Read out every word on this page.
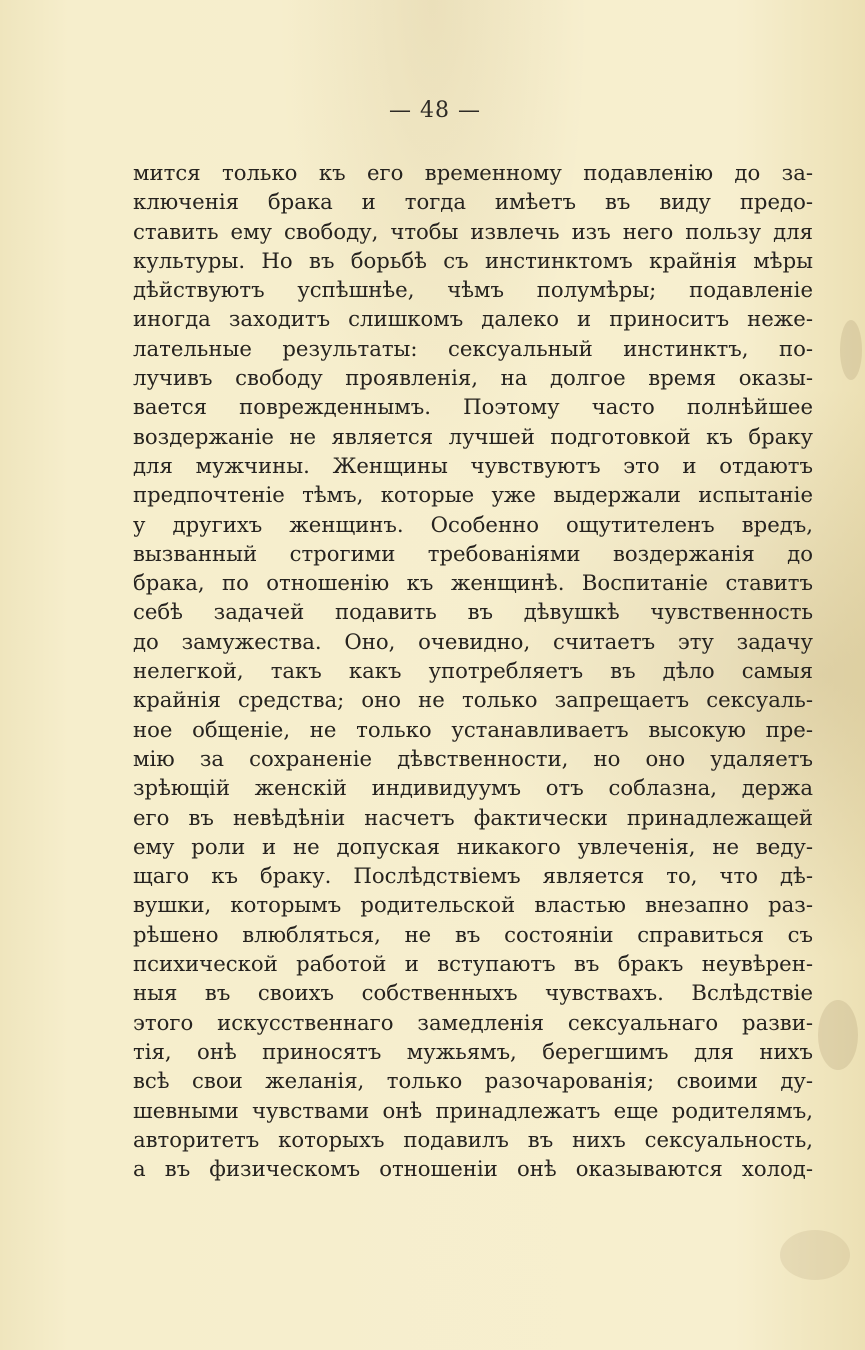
— 48 —
мится только къ его временному подавленію до за-
ключенія брака и тогда имѣетъ въ виду предо-
ставить ему свободу, чтобы извлечь изъ него пользу для
культуры. Но въ борьбѣ съ инстинктомъ крайнія мѣры
дѣйствуютъ успѣшнѣе, чѣмъ полумѣры; подавленіе
иногда заходитъ слишкомъ далеко и приноситъ неже-
лательные результаты: сексуальный инстинктъ, по-
лучивъ свободу проявленія, на долгое время оказы-
вается поврежденнымъ. Поэтому часто полнѣйшее
воздержаніе не является лучшей подготовкой къ браку
для мужчины. Женщины чувствуютъ это и отдаютъ
предпочтеніе тѣмъ, которые уже выдержали испытаніе
у другихъ женщинъ. Особенно ощутителенъ вредъ,
вызванный строгими требованіями воздержанія до
брака, по отношенію къ женщинѣ. Воспитаніе ставитъ
себѣ задачей подавить въ дѣвушкѣ чувственность
до замужества. Оно, очевидно, считаетъ эту задачу
нелегкой, такъ какъ употребляетъ въ дѣло самыя
крайнія средства; оно не только запрещаетъ сексуаль-
ное общеніе, не только устанавливаетъ высокую пре-
мію за сохраненіе дѣвственности, но оно удаляетъ
зрѣющій женскій индивидуумъ отъ соблазна, держа
его въ невѣдѣніи насчетъ фактически принадлежащей
ему роли и не допуская никакого увлеченія, не веду-
щаго къ браку. Послѣдствіемъ является то, что дѣ-
вушки, которымъ родительской властью внезапно раз-
рѣшено влюбляться, не въ состояніи справиться съ
психической работой и вступаютъ въ бракъ неувѣрен-
ныя въ своихъ собственныхъ чувствахъ. Вслѣдствіе
этого искусственнаго замедленія сексуальнаго разви-
тія, онѣ приносятъ мужьямъ, берегшимъ для нихъ
всѣ свои желанія, только разочарованія; своими ду-
шевными чувствами онѣ принадлежатъ еще родителямъ,
авторитетъ которыхъ подавилъ въ нихъ сексуальность,
а въ физическомъ отношеніи онѣ оказываются холод-
